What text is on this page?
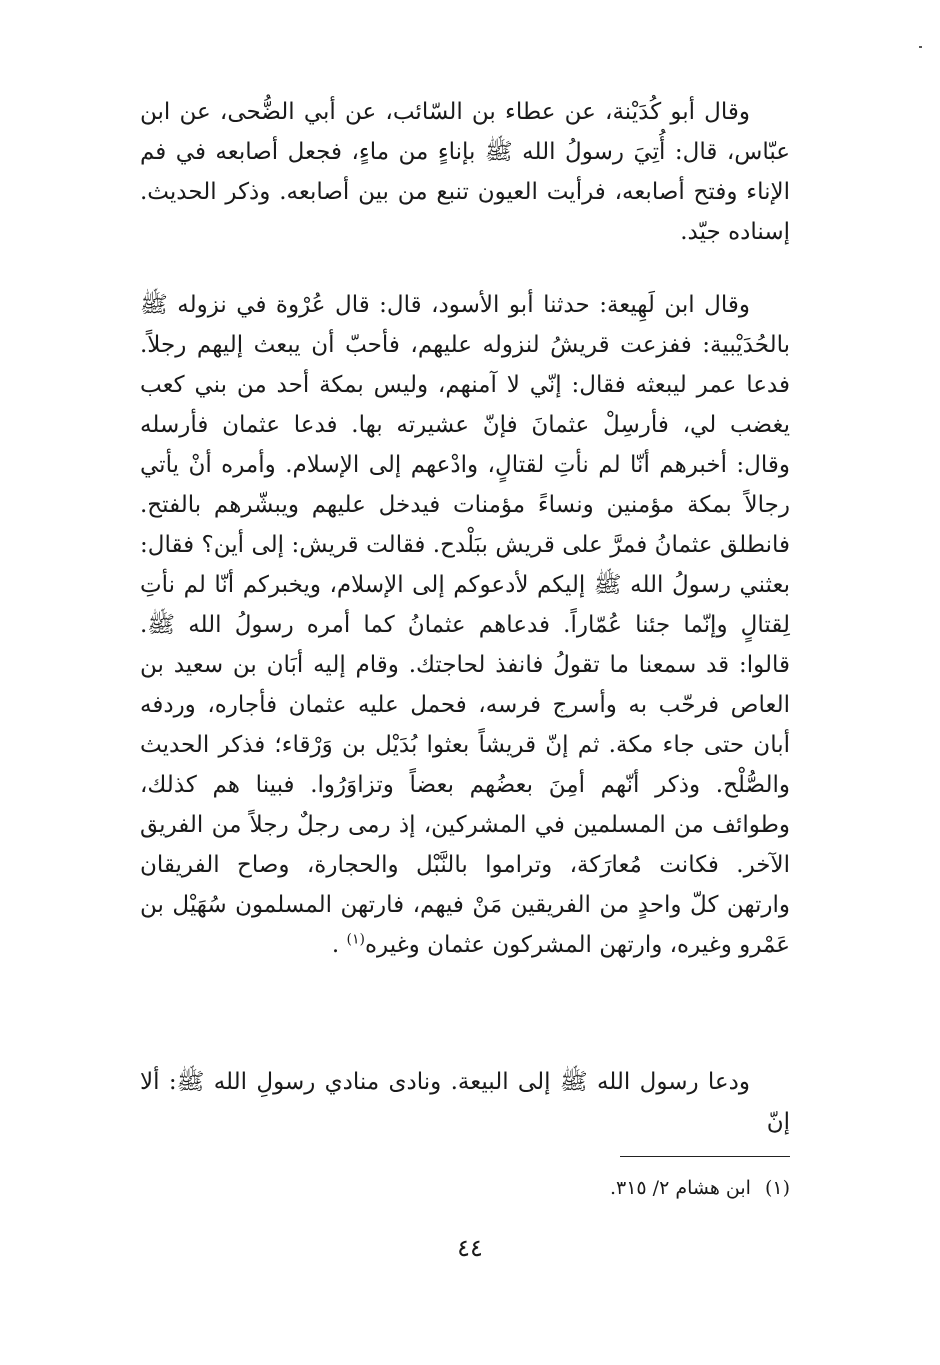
وقال أبو كُدَيْنة، عن عطاء بن السّائب، عن أبي الضُّحى، عن ابن عبّاس، قال: أُتِيَ رسولُ الله ﷺ بإناءٍ من ماءٍ، فجعل أصابعه في فم الإناء وفتح أصابعه، فرأيت العيون تنبع من بين أصابعه. وذكر الحديث. إسناده جيّد.

وقال ابن لَهِيعة: حدثنا أبو الأسود، قال: قال عُرْوة في نزوله ﷺ بالحُدَيْبية: ففزعت قريشُ لنزوله عليهم، فأحبّ أن يبعث إليهم رجلاً. فدعا عمر ليبعثه فقال: إنّي لا آمنهم، وليس بمكة أحد من بني كعب يغضب لي، فأرسِلْ عثمانَ فإنّ عشيرته بها. فدعا عثمان فأرسله وقال: أخبرهم أنّا لم نأتِ لقتالٍ، وادْعهم إلى الإسلام. وأمره أنْ يأتي رجالاً بمكة مؤمنين ونساءً مؤمنات فيدخل عليهم ويبشّرهم بالفتح. فانطلق عثمانُ فمرَّ على قريش ببَلْدح. فقالت قريش: إلى أين؟ فقال: بعثني رسولُ الله ﷺ إليكم لأدعوكم إلى الإسلام، ويخبركم أنّا لم نأتِ لِقتالٍ وإنّما جئنا عُمّاراً. فدعاهم عثمانُ كما أمره رسولُ الله ﷺ. قالوا: قد سمعنا ما تقولُ فانفذ لحاجتك. وقام إليه أبَان بن سعيد بن العاص فرحّب به وأسرج فرسه، فحمل عليه عثمان فأجاره، وردفه أبان حتى جاء مكة. ثم إنّ قريشاً بعثوا بُدَيْل بن وَرْقاء؛ فذكر الحديث والصُّلْح. وذكر أنّهم أمِنَ بعضُهم بعضاً وتزاوَرُوا. فبينا هم كذلك، وطوائف من المسلمين في المشركين، إذ رمى رجلٌ رجلاً من الفريق الآخر. فكانت مُعارَكة، وتراموا بالنَّبْل والحجارة، وصاح الفريقان وارتهن كلّ واحدٍ من الفريقين مَنْ فيهم، فارتهن المسلمون سُهَيْل بن عَمْرو وغيره، وارتهن المشركون عثمان وغيره$^{(١)}$ .

ودعا رسول الله ﷺ إلى البيعة. ونادى منادي رسولِ الله ﷺ: ألا إنّ

(١)ابن هشام ٢/ ٣١٥.
٤٤
